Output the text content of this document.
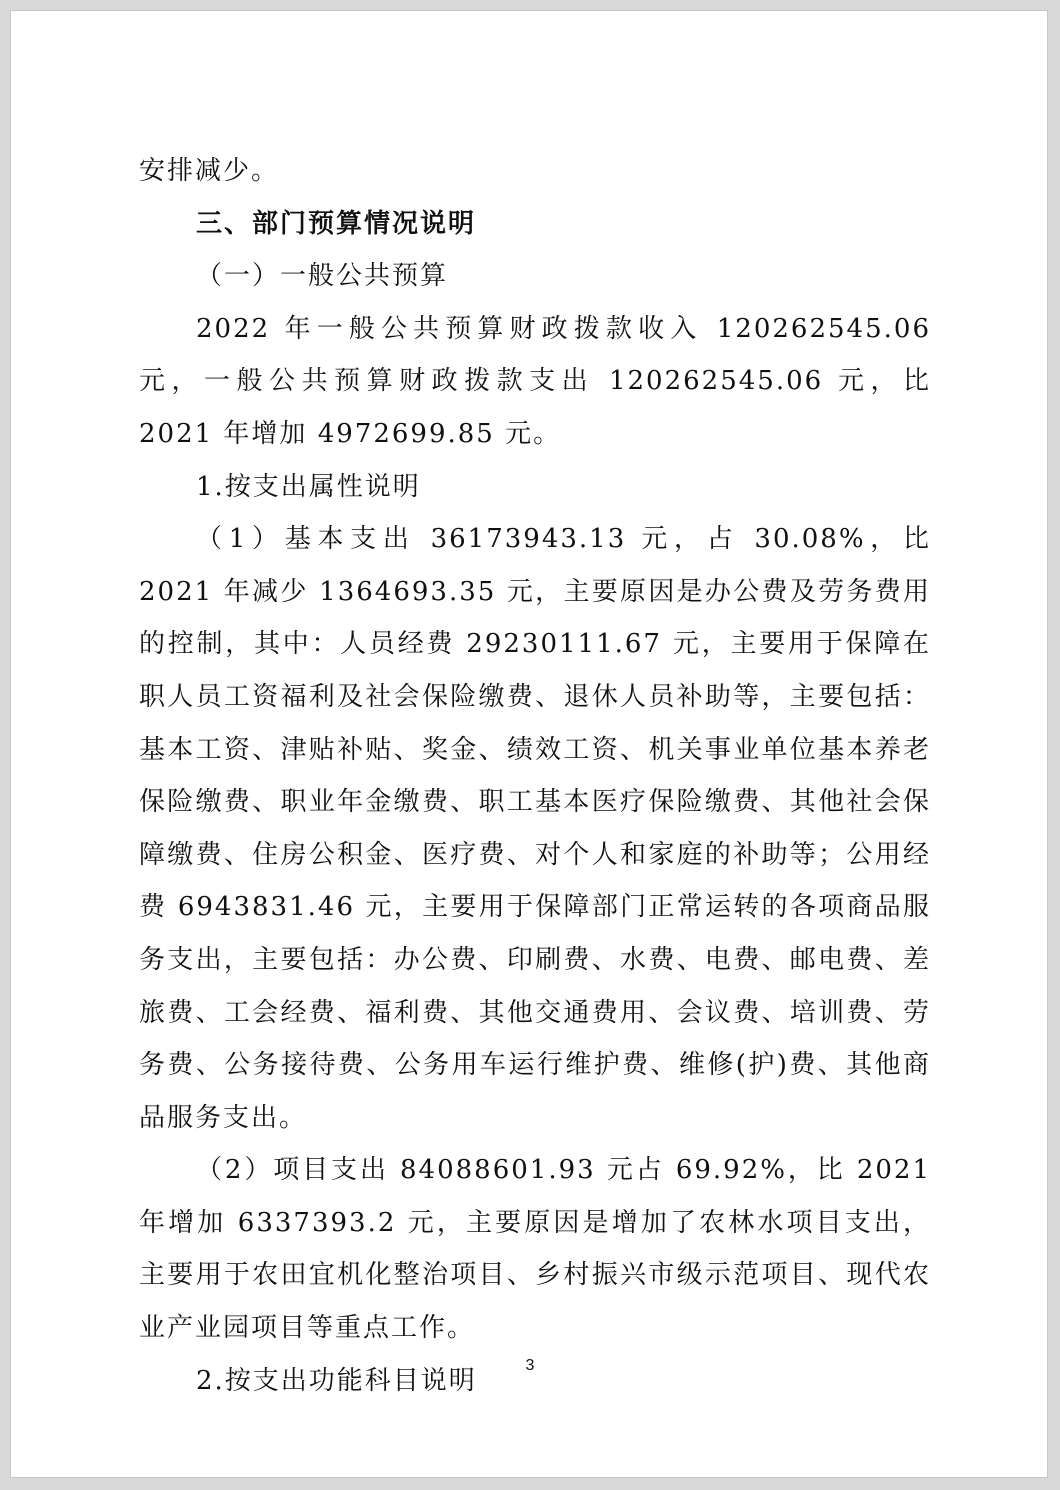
安排减少。

三、部门预算情况说明

（一）一般公共预算

2022 年一般公共预算财政拨款收入 120262545.06 元，一般公共预算财政拨款支出 120262545.06 元，比 2021 年增加 4972699.85 元。

1.按支出属性说明

（1）基本支出 36173943.13 元，占 30.08%，比 2021 年减少 1364693.35 元，主要原因是办公费及劳务费用的控制，其中：人员经费 29230111.67 元，主要用于保障在职人员工资福利及社会保险缴费、退休人员补助等，主要包括：基本工资、津贴补贴、奖金、绩效工资、机关事业单位基本养老保险缴费、职业年金缴费、职工基本医疗保险缴费、其他社会保障缴费、住房公积金、医疗费、对个人和家庭的补助等；公用经费 6943831.46 元，主要用于保障部门正常运转的各项商品服务支出，主要包括：办公费、印刷费、水费、电费、邮电费、差旅费、工会经费、福利费、其他交通费用、会议费、培训费、劳务费、公务接待费、公务用车运行维护费、维修(护)费、其他商品服务支出。

（2）项目支出 84088601.93 元占 69.92%，比 2021 年增加 6337393.2 元，主要原因是增加了农林水项目支出，主要用于农田宜机化整治项目、乡村振兴市级示范项目、现代农业产业园项目等重点工作。

2.按支出功能科目说明

3
